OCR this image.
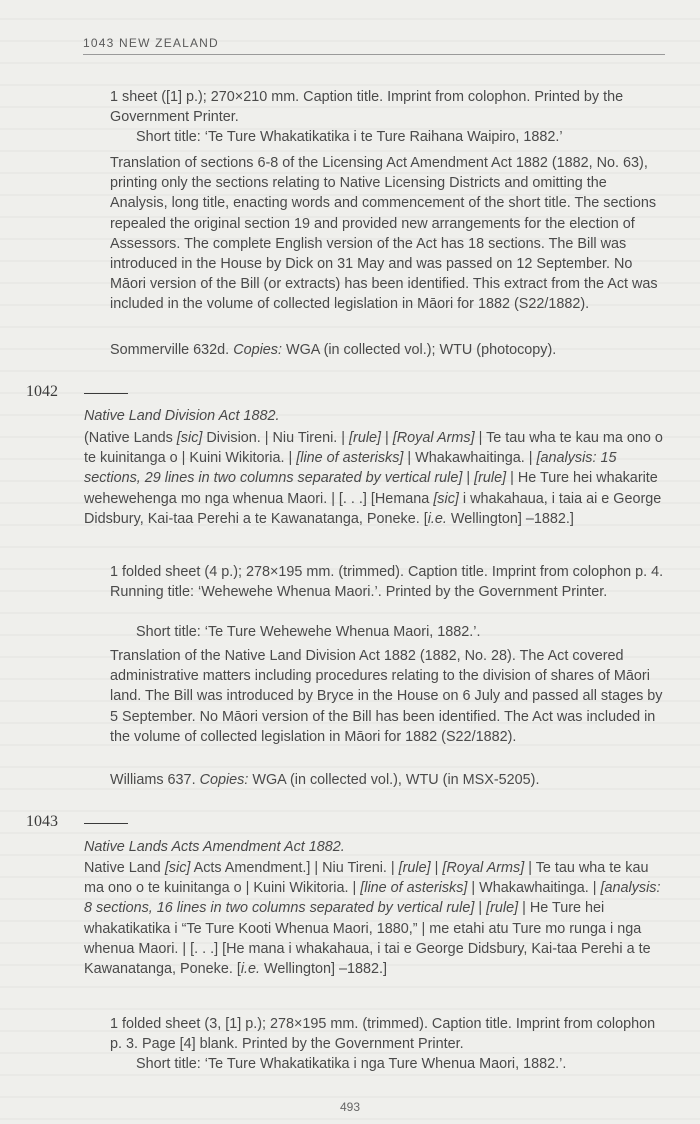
1043 NEW ZEALAND

1 sheet ([1] p.); 270×210 mm. Caption title. Imprint from colophon. Printed by the Government Printer.

Short title: ‘Te Ture Whakatikatika i te Ture Raihana Waipiro, 1882.’

Translation of sections 6-8 of the Licensing Act Amendment Act 1882 (1882, No. 63), printing only the sections relating to Native Licensing Districts and omitting the Analysis, long title, enacting words and commencement of the short title. The sections repealed the original section 19 and provided new arrangements for the election of Assessors. The complete English version of the Act has 18 sections. The Bill was introduced in the House by Dick on 31 May and was passed on 12 September. No Māori version of the Bill (or extracts) has been identified. This extract from the Act was included in the volume of collected legislation in Māori for 1882 (S22/1882).

Sommerville 632d. Copies: WGA (in collected vol.); WTU (photocopy).

1042

Native Land Division Act 1882.

(Native Lands [sic] Division. | Niu Tireni. | [rule] | [Royal Arms] | Te tau wha te kau ma ono o te kuinitanga o | Kuini Wikitoria. | [line of asterisks] | Whakawhaitinga. | [analysis: 15 sections, 29 lines in two columns separated by vertical rule] | [rule] | He Ture hei whakarite wehewehenga mo nga whenua Maori. | [. . .] [Hemana [sic] i whakahaua, i taia ai e George Didsbury, Kai-taa Perehi a te Kawanatanga, Poneke. [i.e. Wellington] –1882.]

1 folded sheet (4 p.); 278×195 mm. (trimmed). Caption title. Imprint from colophon p. 4. Running title: ‘Wehewehe Whenua Maori.’. Printed by the Government Printer.

Short title: ‘Te Ture Wehewehe Whenua Maori, 1882.’.

Translation of the Native Land Division Act 1882 (1882, No. 28). The Act covered administrative matters including procedures relating to the division of shares of Māori land. The Bill was introduced by Bryce in the House on 6 July and passed all stages by 5 September. No Māori version of the Bill has been identified. The Act was included in the volume of collected legislation in Māori for 1882 (S22/1882).

Williams 637. Copies: WGA (in collected vol.), WTU (in MSX-5205).

1043

Native Lands Acts Amendment Act 1882.

Native Land [sic] Acts Amendment.] | Niu Tireni. | [rule] | [Royal Arms] | Te tau wha te kau ma ono o te kuinitanga o | Kuini Wikitoria. | [line of asterisks] | Whakawhaitinga. | [analysis: 8 sections, 16 lines in two columns separated by vertical rule] | [rule] | He Ture hei whakatikatika i “Te Ture Kooti Whenua Maori, 1880,” | me etahi atu Ture mo runga i nga whenua Maori. | [. . .] [He mana i whakahaua, i tai e George Didsbury, Kai-taa Perehi a te Kawanatanga, Poneke. [i.e. Wellington] –1882.]

1 folded sheet (3, [1] p.); 278×195 mm. (trimmed). Caption title. Imprint from colophon p. 3. Page [4] blank. Printed by the Government Printer.

Short title: ‘Te Ture Whakatikatika i nga Ture Whenua Maori, 1882.’.

493
